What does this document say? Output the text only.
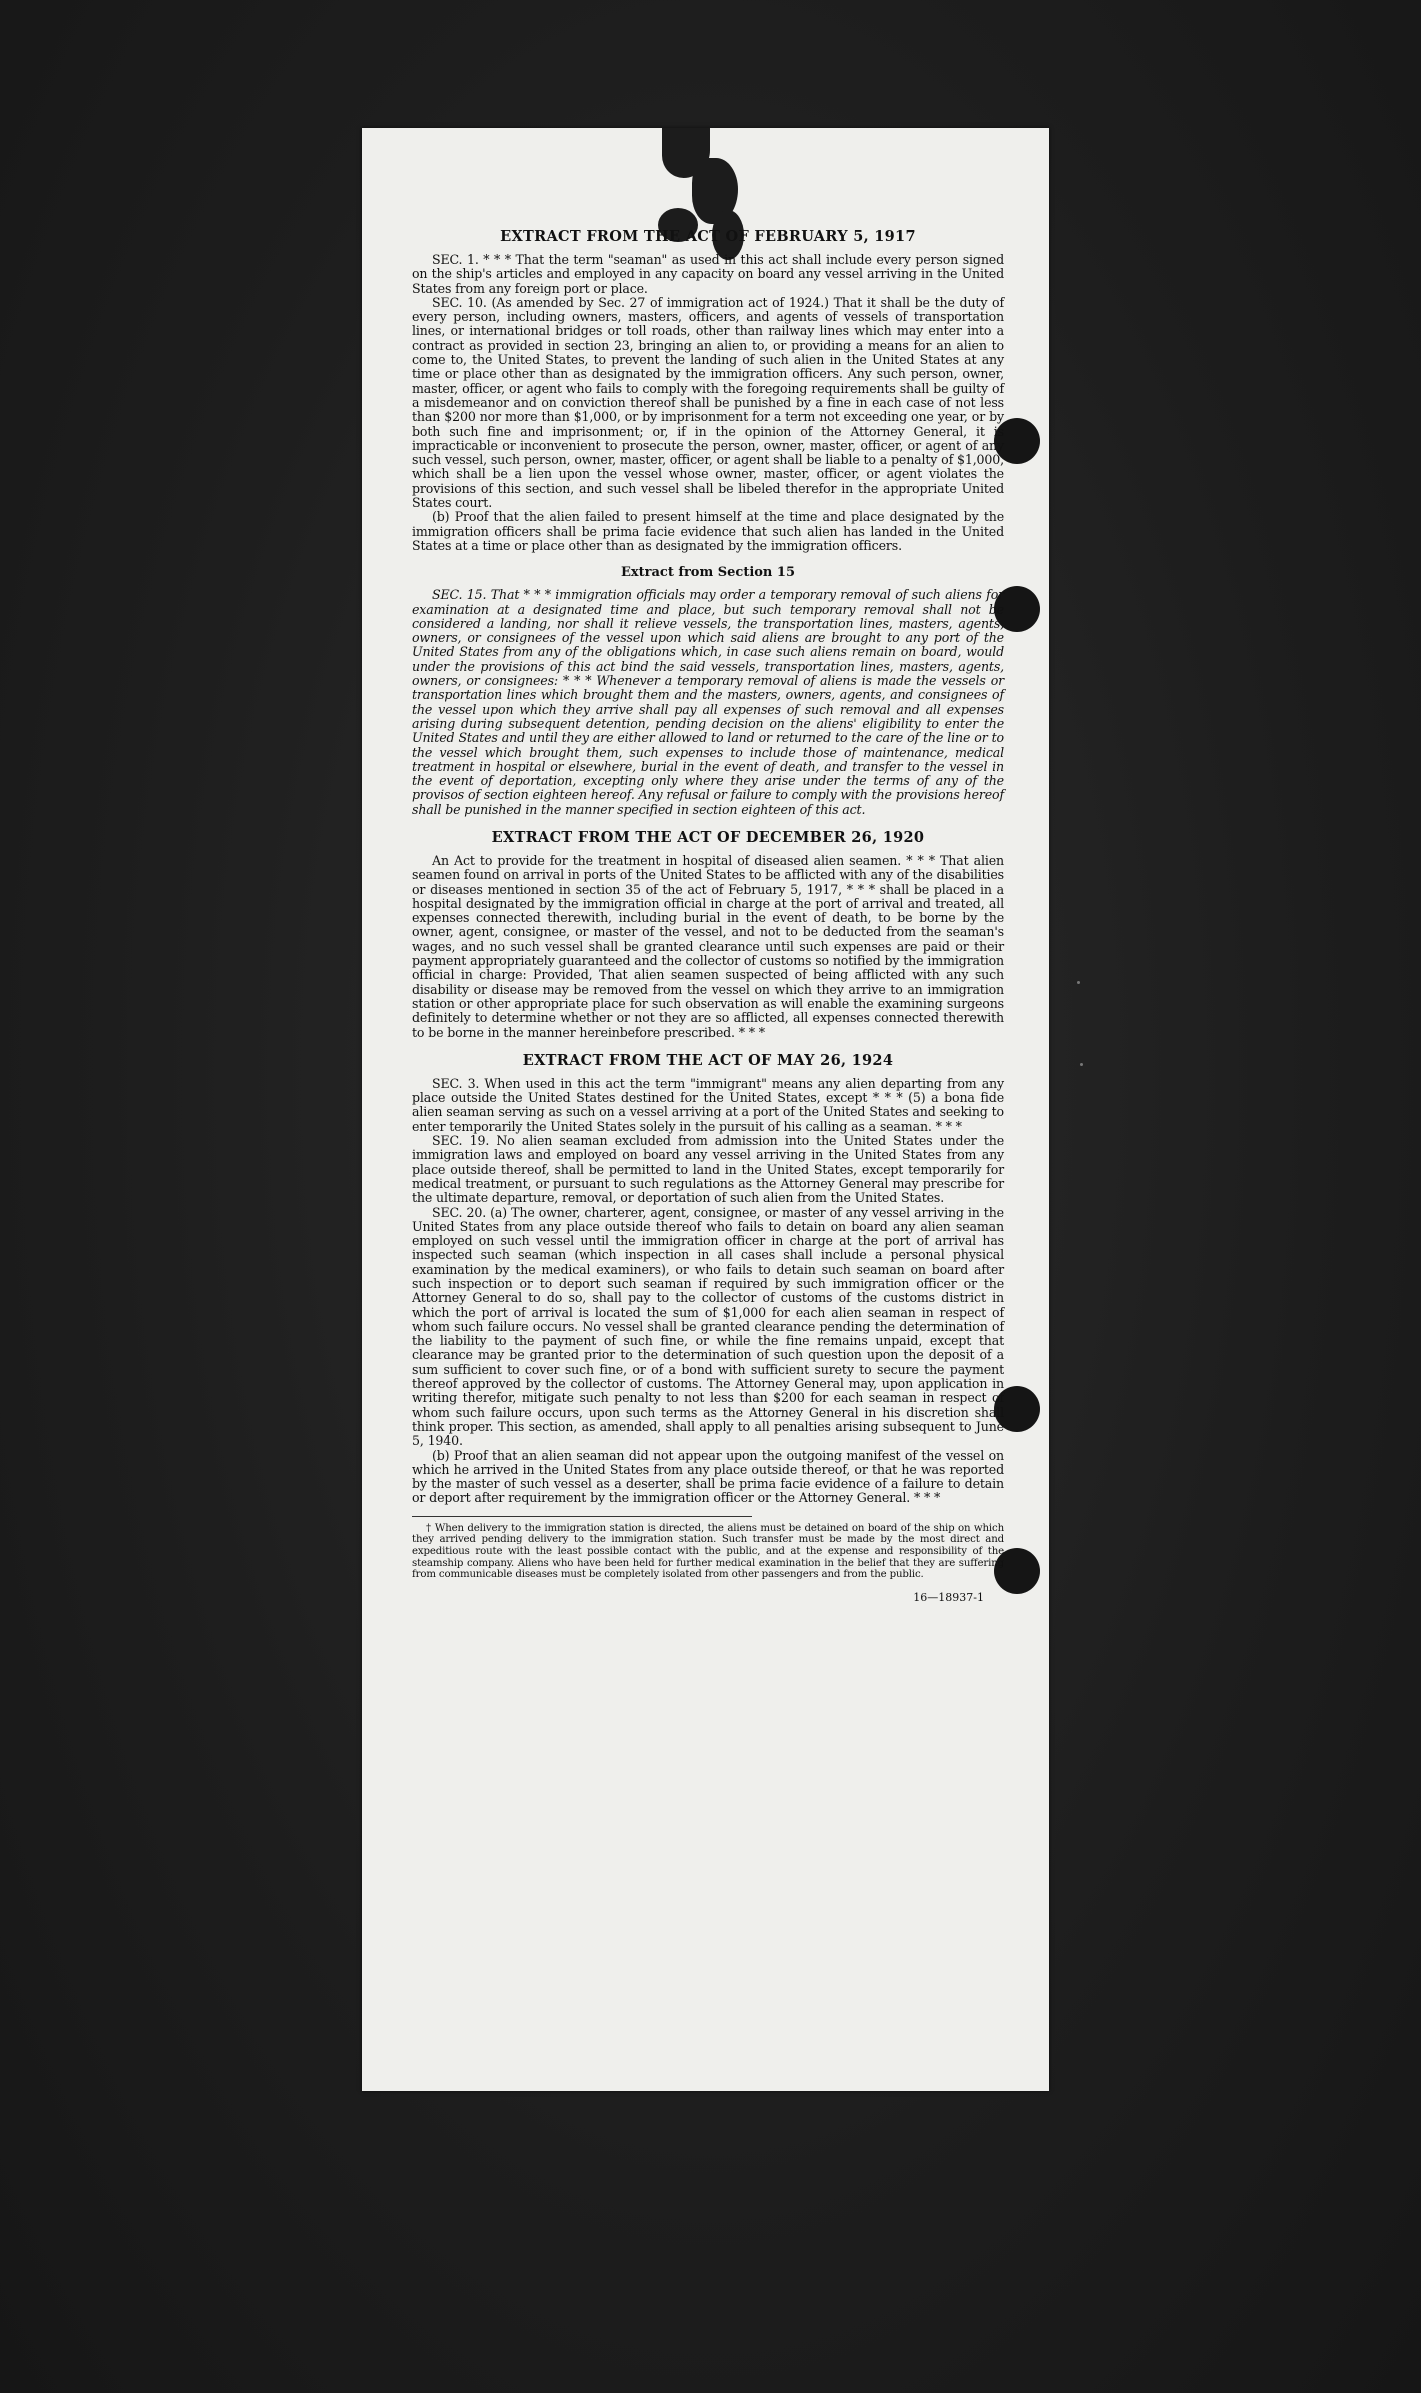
EXTRACT FROM THE ACT OF FEBRUARY 5, 1917

SEC. 1. * * * That the term "seaman" as used in this act shall include every person signed on the ship's articles and employed in any capacity on board any vessel arriving in the United States from any foreign port or place.

SEC. 10. (As amended by Sec. 27 of immigration act of 1924.) That it shall be the duty of every person, including owners, masters, officers, and agents of vessels of transportation lines, or international bridges or toll roads, other than railway lines which may enter into a contract as provided in section 23, bringing an alien to, or providing a means for an alien to come to, the United States, to prevent the landing of such alien in the United States at any time or place other than as designated by the immigration officers. Any such person, owner, master, officer, or agent who fails to comply with the foregoing requirements shall be guilty of a misdemeanor and on conviction thereof shall be punished by a fine in each case of not less than $200 nor more than $1,000, or by imprisonment for a term not exceeding one year, or by both such fine and imprisonment; or, if in the opinion of the Attorney General, it is impracticable or inconvenient to prosecute the person, owner, master, officer, or agent of any such vessel, such person, owner, master, officer, or agent shall be liable to a penalty of $1,000, which shall be a lien upon the vessel whose owner, master, officer, or agent violates the provisions of this section, and such vessel shall be libeled therefor in the appropriate United States court.

(b) Proof that the alien failed to present himself at the time and place designated by the immigration officers shall be prima facie evidence that such alien has landed in the United States at a time or place other than as designated by the immigration officers.

Extract from Section 15

SEC. 15. That * * * immigration officials may order a temporary removal of such aliens for examination at a designated time and place, but such temporary removal shall not be considered a landing, nor shall it relieve vessels, the transportation lines, masters, agents, owners, or consignees of the vessel upon which said aliens are brought to any port of the United States from any of the obligations which, in case such aliens remain on board, would under the provisions of this act bind the said vessels, transportation lines, masters, agents, owners, or consignees: * * * Whenever a temporary removal of aliens is made the vessels or transportation lines which brought them and the masters, owners, agents, and consignees of the vessel upon which they arrive shall pay all expenses of such removal and all expenses arising during subsequent detention, pending decision on the aliens' eligibility to enter the United States and until they are either allowed to land or returned to the care of the line or to the vessel which brought them, such expenses to include those of maintenance, medical treatment in hospital or elsewhere, burial in the event of death, and transfer to the vessel in the event of deportation, excepting only where they arise under the terms of any of the provisos of section eighteen hereof. Any refusal or failure to comply with the provisions hereof shall be punished in the manner specified in section eighteen of this act.

EXTRACT FROM THE ACT OF DECEMBER 26, 1920

An Act to provide for the treatment in hospital of diseased alien seamen. * * * That alien seamen found on arrival in ports of the United States to be afflicted with any of the disabilities or diseases mentioned in section 35 of the act of February 5, 1917, * * * shall be placed in a hospital designated by the immigration official in charge at the port of arrival and treated, all expenses connected therewith, including burial in the event of death, to be borne by the owner, agent, consignee, or master of the vessel, and not to be deducted from the seaman's wages, and no such vessel shall be granted clearance until such expenses are paid or their payment appropriately guaranteed and the collector of customs so notified by the immigration official in charge: Provided, That alien seamen suspected of being afflicted with any such disability or disease may be removed from the vessel on which they arrive to an immigration station or other appropriate place for such observation as will enable the examining surgeons definitely to determine whether or not they are so afflicted, all expenses connected therewith to be borne in the manner hereinbefore prescribed. * * *

EXTRACT FROM THE ACT OF MAY 26, 1924

SEC. 3. When used in this act the term "immigrant" means any alien departing from any place outside the United States destined for the United States, except * * * (5) a bona fide alien seaman serving as such on a vessel arriving at a port of the United States and seeking to enter temporarily the United States solely in the pursuit of his calling as a seaman. * * *

SEC. 19. No alien seaman excluded from admission into the United States under the immigration laws and employed on board any vessel arriving in the United States from any place outside thereof, shall be permitted to land in the United States, except temporarily for medical treatment, or pursuant to such regulations as the Attorney General may prescribe for the ultimate departure, removal, or deportation of such alien from the United States.

SEC. 20. (a) The owner, charterer, agent, consignee, or master of any vessel arriving in the United States from any place outside thereof who fails to detain on board any alien seaman employed on such vessel until the immigration officer in charge at the port of arrival has inspected such seaman (which inspection in all cases shall include a personal physical examination by the medical examiners), or who fails to detain such seaman on board after such inspection or to deport such seaman if required by such immigration officer or the Attorney General to do so, shall pay to the collector of customs of the customs district in which the port of arrival is located the sum of $1,000 for each alien seaman in respect of whom such failure occurs. No vessel shall be granted clearance pending the determination of the liability to the payment of such fine, or while the fine remains unpaid, except that clearance may be granted prior to the determination of such question upon the deposit of a sum sufficient to cover such fine, or of a bond with sufficient surety to secure the payment thereof approved by the collector of customs. The Attorney General may, upon application in writing therefor, mitigate such penalty to not less than $200 for each seaman in respect of whom such failure occurs, upon such terms as the Attorney General in his discretion shall think proper. This section, as amended, shall apply to all penalties arising subsequent to June 5, 1940.

(b) Proof that an alien seaman did not appear upon the outgoing manifest of the vessel on which he arrived in the United States from any place outside thereof, or that he was reported by the master of such vessel as a deserter, shall be prima facie evidence of a failure to detain or deport after requirement by the immigration officer or the Attorney General. * * *

† When delivery to the immigration station is directed, the aliens must be detained on board of the ship on which they arrived pending delivery to the immigration station. Such transfer must be made by the most direct and expeditious route with the least possible contact with the public, and at the expense and responsibility of the steamship company. Aliens who have been held for further medical examination in the belief that they are suffering from communicable diseases must be completely isolated from other passengers and from the public.

16—18937-1
